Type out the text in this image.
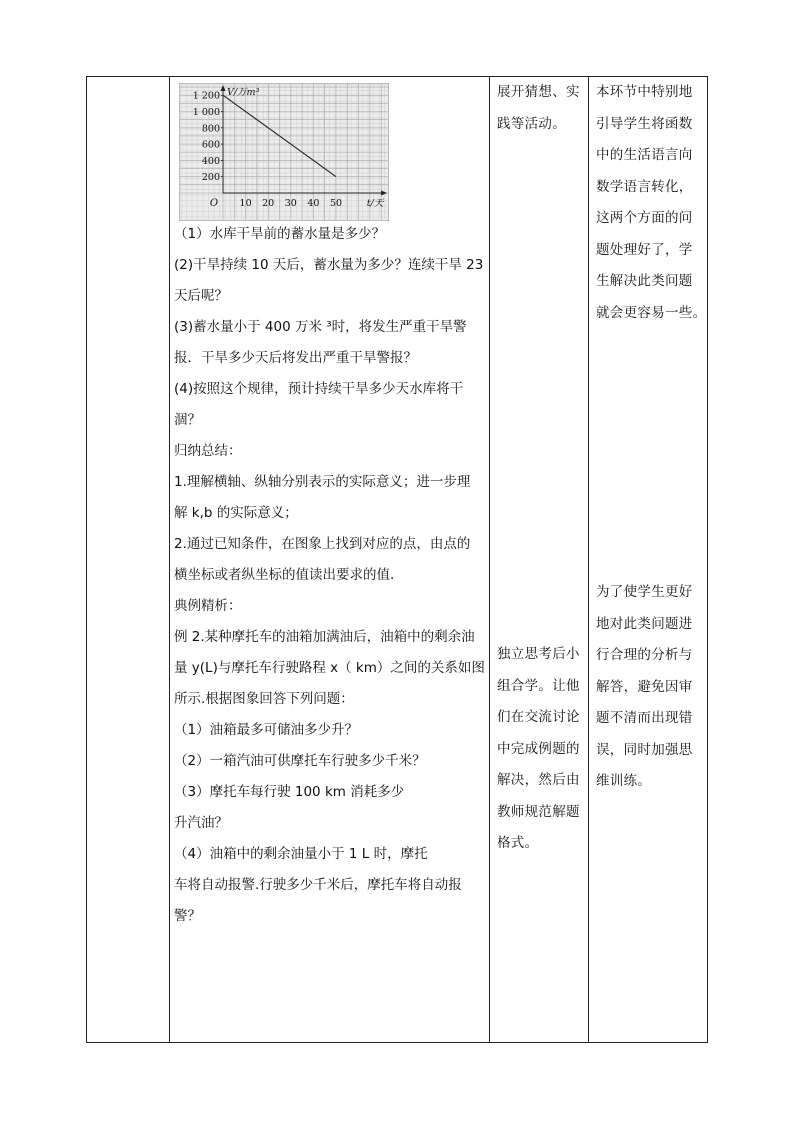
1 200
1 000
800
600
400
200
10 20 30 40 50
O	t/天
V/万m³

（1）水库干旱前的蓄水量是多少？

(2)干旱持续 10 天后，蓄水量为多少？连续干旱 23

天后呢？

(3)蓄水量小于 400 万米 ³时，将发生严重干旱警

报．干旱多少天后将发出严重干旱警报？

(4)按照这个规律，预计持续干旱多少天水库将干

涸？

归纳总结：

1.理解横轴、纵轴分别表示的实际意义；进一步理

解 k,b 的实际意义；

2.通过已知条件，在图象上找到对应的点，由点的

横坐标或者纵坐标的值读出要求的值.

典例精析：

例 2.某种摩托车的油箱加满油后，油箱中的剩余油

量 y(L)与摩托车行驶路程 x（ km）之间的关系如图

所示.根据图象回答下列问题：

（1）油箱最多可储油多少升？

（2）一箱汽油可供摩托车行驶多少千米？

（3）摩托车每行驶 100 km 消耗多少

升汽油？

（4）油箱中的剩余油量小于 1 L 时，摩托

车将自动报警.行驶多少千米后，摩托车将自动报

警？

展开猜想、实

践等活动。

独立思考后小

组合学。让他

们在交流讨论

中完成例题的

解决，然后由

教师规范解题

格式。

本环节中特别地

引导学生将函数

中的生活语言向

数学语言转化，

这两个方面的问

题处理好了，学

生解决此类问题

就会更容易一些。

为了使学生更好

地对此类问题进

行合理的分析与

解答，避免因审

题不清而出现错

误，同时加强思

维训练。
